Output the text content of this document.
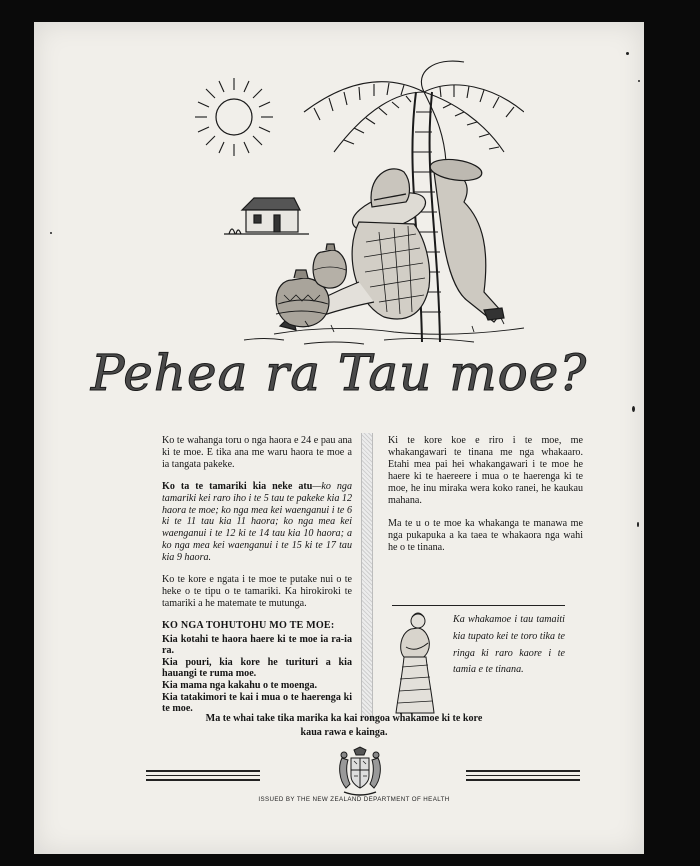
Pehea ra Tau moe?

Ko te wahanga toru o nga haora e 24 e pau ana ki te moe. E tika ana me waru haora te moe a ia tangata pakeke.

Ko ta te tamariki kia neke atu—ko nga tamariki kei raro iho i te 5 tau te pakeke kia 12 haora te moe; ko nga mea kei waenganui i te 6 ki te 11 tau kia 11 haora; ko nga mea kei waenganui i te 12 ki te 14 tau kia 10 haora; a ko nga mea kei waenganui i te 15 ki te 17 tau kia 9 haora.

Ko te kore e ngata i te moe te putake nui o te heke o te tipu o te tamariki. Ka hirokiroki te tamariki a he matemate te mutunga.

KO NGA TOHUTOHU MO TE MOE:
Kia kotahi te haora haere ki te moe ia ra-ia ra.
Kia pouri, kia kore he turituri a kia hauangi te ruma moe.
Kia mama nga kakahu o te moenga.
Kia tatakimori te kai i mua o te haerenga ki te moe.

Ki te kore koe e riro i te moe, me whakangawari te tinana me nga whakaaro. Etahi mea pai hei whakangawari i te moe he haere ki te haereere i mua o te haerenga ki te moe, he inu miraka wera koko ranei, he kaukau mahana.

Ma te u o te moe ka whakanga te manawa me nga pukapuka a ka taea te whakaora nga wahi he o te tinana.

Ka whakamoe i tau tamaiti kia tupato kei te toro tika te ringa ki raro kaore i te tamia e te tinana.
Ma te whai take tika marika ka kai rongoa whakamoe ki te kore kaua rawa e kainga.
ISSUED BY THE NEW ZEALAND DEPARTMENT OF HEALTH
